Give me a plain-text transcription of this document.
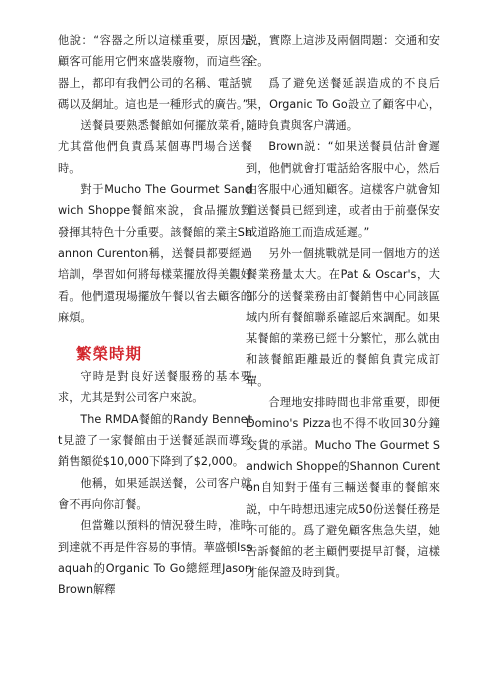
他說：“容器之所以這樣重要，原因是顧客可能用它們來盛裝廢物，而這些容器上，都印有我們公司的名稱、電話號碼以及網址。這也是一種形式的廣告。”

送餐員要熟悉餐館如何擺放菜肴，尤其當他們負責爲某個專門場合送餐時。

對于Mucho The Gourmet Sandwich Shoppe餐館來說，食品擺放對發揮其特色十分重要。該餐館的業主Shannon Curenton稱，送餐員都要經過培訓，學習如何將每樣菜擺放得美觀好看。他們還現場擺放午餐以省去顧客的麻煩。

繁榮時期

守時是對良好送餐服務的基本要求，尤其是對公司客户來說。

The RMDA餐館的Randy Bennett見證了一家餐館由于送餐延誤而導致銷售額從$10,000下降到了$2,000。

他稱，如果延誤送餐，公司客户就會不再向你訂餐。

但當難以預料的情況發生時，准時到達就不再是件容易的事情。華盛頓Issaquah的Organic To Go總經理Jason Brown解釋

説，實際上這涉及兩個問題：交通和安全。

爲了避免送餐延誤造成的不良后果，Organic To Go設立了顧客中心，隨時負責與客户溝通。

Brown説：“如果送餐員估計會遲到，他們就會打電話給客服中心，然后由客服中心通知顧客。這樣客户就會知道送餐員已經到達，或者由于前臺保安或道路施工而造成延遲。”

另外一個挑戰就是同一個地方的送餐業務量太大。在Pat & Oscar's，大部分的送餐業務由訂餐銷售中心同該區域内所有餐館聯系確認后來調配。如果某餐館的業務已經十分繁忙，那么就由和該餐館距離最近的餐館負責完成訂單。

合理地安排時間也非常重要，即便Domino's Pizza也不得不收回30分鐘交貨的承諾。Mucho The Gourmet Sandwich Shoppe的Shannon Curenton自知對于僅有三輛送餐車的餐館來説，中午時想迅速完成50份送餐任務是不可能的。爲了避免顧客焦急失望，她告訴餐館的老主顧們要提早訂餐，這樣才能保證及時到貨。
